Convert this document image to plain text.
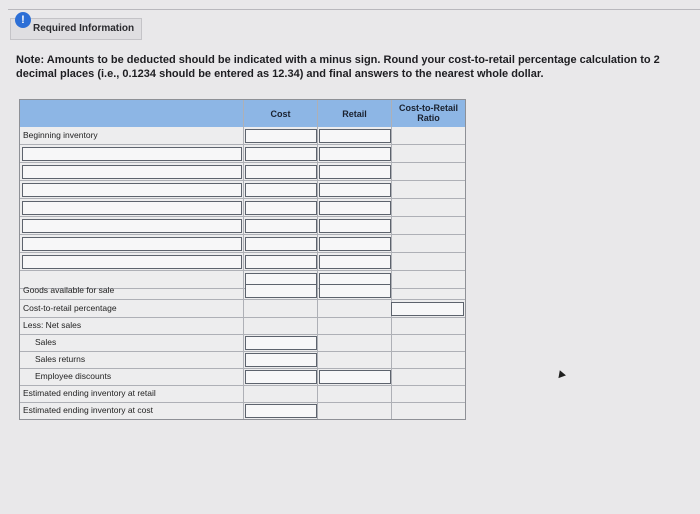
!
Required Information
Note: Amounts to be deducted should be indicated with a minus sign. Round your cost-to-retail percentage calculation to 2 decimal places (i.e., 0.1234 should be entered as 12.34) and final answers to the nearest whole dollar.
Cost	Retail
Cost-to-Retail
Ratio
Beginning inventory
Goods available for sale
Cost-to-retail percentage
Less: Net sales
Sales
Sales returns
Employee discounts
Estimated ending inventory at retail
Estimated ending inventory at cost
